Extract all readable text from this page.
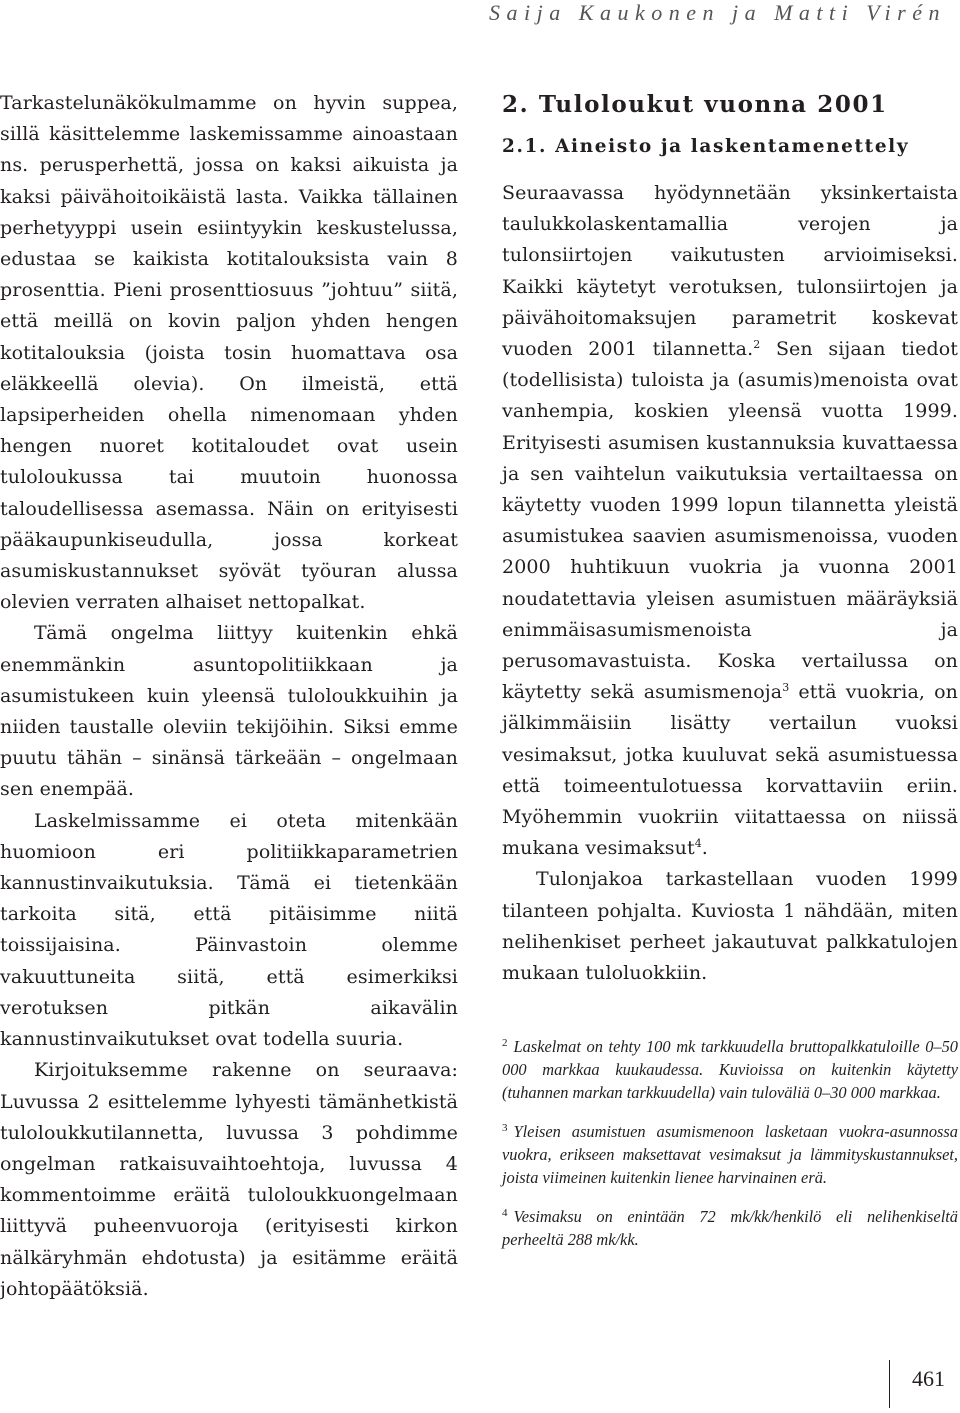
Saija Kaukonen ja Matti Virén

Tarkastelunäkökulmamme on hyvin suppea, sillä käsittelemme laskemissamme ainoastaan ns. perusperhettä, jossa on kaksi aikuista ja kaksi päivähoitoikäistä lasta. Vaikka tällainen perhetyyppi usein esiintyykin keskustelussa, edustaa se kaikista kotitalouksista vain 8 prosenttia. Pieni prosenttiosuus ”johtuu” siitä, että meillä on kovin paljon yhden hengen kotitalouksia (joista tosin huomattava osa eläkkeellä olevia). On ilmeistä, että lapsiperheiden ohella nimenomaan yhden hengen nuoret kotitaloudet ovat usein tuloloukussa tai muutoin huonossa taloudellisessa asemassa. Näin on erityisesti pääkaupunkiseudulla, jossa korkeat asumiskustannukset syövät työuran alussa olevien verraten alhaiset nettopalkat.

Tämä ongelma liittyy kuitenkin ehkä enemmänkin asuntopolitiikkaan ja asumistukeen kuin yleensä tuloloukkuihin ja niiden taustalle oleviin tekijöihin. Siksi emme puutu tähän – sinänsä tärkeään – ongelmaan sen enempää.

Laskelmissamme ei oteta mitenkään huomioon eri politiikkaparametrien kannustinvaikutuksia. Tämä ei tietenkään tarkoita sitä, että pitäisimme niitä toissijaisina. Päinvastoin olemme vakuuttuneita siitä, että esimerkiksi verotuksen pitkän aikavälin kannustinvaikutukset ovat todella suuria.

Kirjoituksemme rakenne on seuraava: Luvussa 2 esittelemme lyhyesti tämänhetkistä tuloloukkutilannetta, luvussa 3 pohdimme ongelman ratkaisuvaihtoehtoja, luvussa 4 kommentoimme eräitä tuloloukkuongelmaan liittyvä puheenvuoroja (erityisesti kirkon nälkäryhmän ehdotusta) ja esitämme eräitä johtopäätöksiä.

2. Tuloloukut vuonna 2001
2.1. Aineisto ja laskentamenettely

Seuraavassa hyödynnetään yksinkertaista taulukkolaskentamallia verojen ja tulonsiirtojen vaikutusten arvioimiseksi. Kaikki käytetyt verotuksen, tulonsiirtojen ja päivähoitomaksujen parametrit koskevat vuoden 2001 tilannetta.$^2$ Sen sijaan tiedot (todellisista) tuloista ja (asumis)menoista ovat vanhempia, koskien yleensä vuotta 1999. Erityisesti asumisen kustannuksia kuvattaessa ja sen vaihtelun vaikutuksia vertailtaessa on käytetty vuoden 1999 lopun tilannetta yleistä asumistukea saavien asumismenoissa, vuoden 2000 huhtikuun vuokria ja vuonna 2001 noudatettavia yleisen asumistuen määräyksiä enimmäisasumismenoista ja perusomavastuista. Koska vertailussa on käytetty sekä asumismenoja$^3$ että vuokria, on jälkimmäisiin lisätty vertailun vuoksi vesimaksut, jotka kuuluvat sekä asumistuessa että toimeentulotuessa korvattaviin eriin. Myöhemmin vuokriin viitattaessa on niissä mukana vesimaksut$^4$.

Tulonjakoa tarkastellaan vuoden 1999 tilanteen pohjalta. Kuviosta 1 nähdään, miten nelihenkiset perheet jakautuvat palkkatulojen mukaan tuloluokkiin.

$^2$ Laskelmat on tehty 100 mk tarkkuudella bruttopalkkatuloille 0–50 000 markkaa kuukaudessa. Kuvioissa on kuitenkin käytetty (tuhannen markan tarkkuudella) vain tuloväliä 0–30 000 markkaa.

$^3$ Yleisen asumistuen asumismenoon lasketaan vuokra-asunnossa vuokra, erikseen maksettavat vesimaksut ja lämmityskustannukset, joista viimeinen kuitenkin lienee harvinainen erä.

$^4$ Vesimaksu on enintään 72 mk/kk/henkilö eli nelihenkiseltä perheeltä 288 mk/kk.

461
